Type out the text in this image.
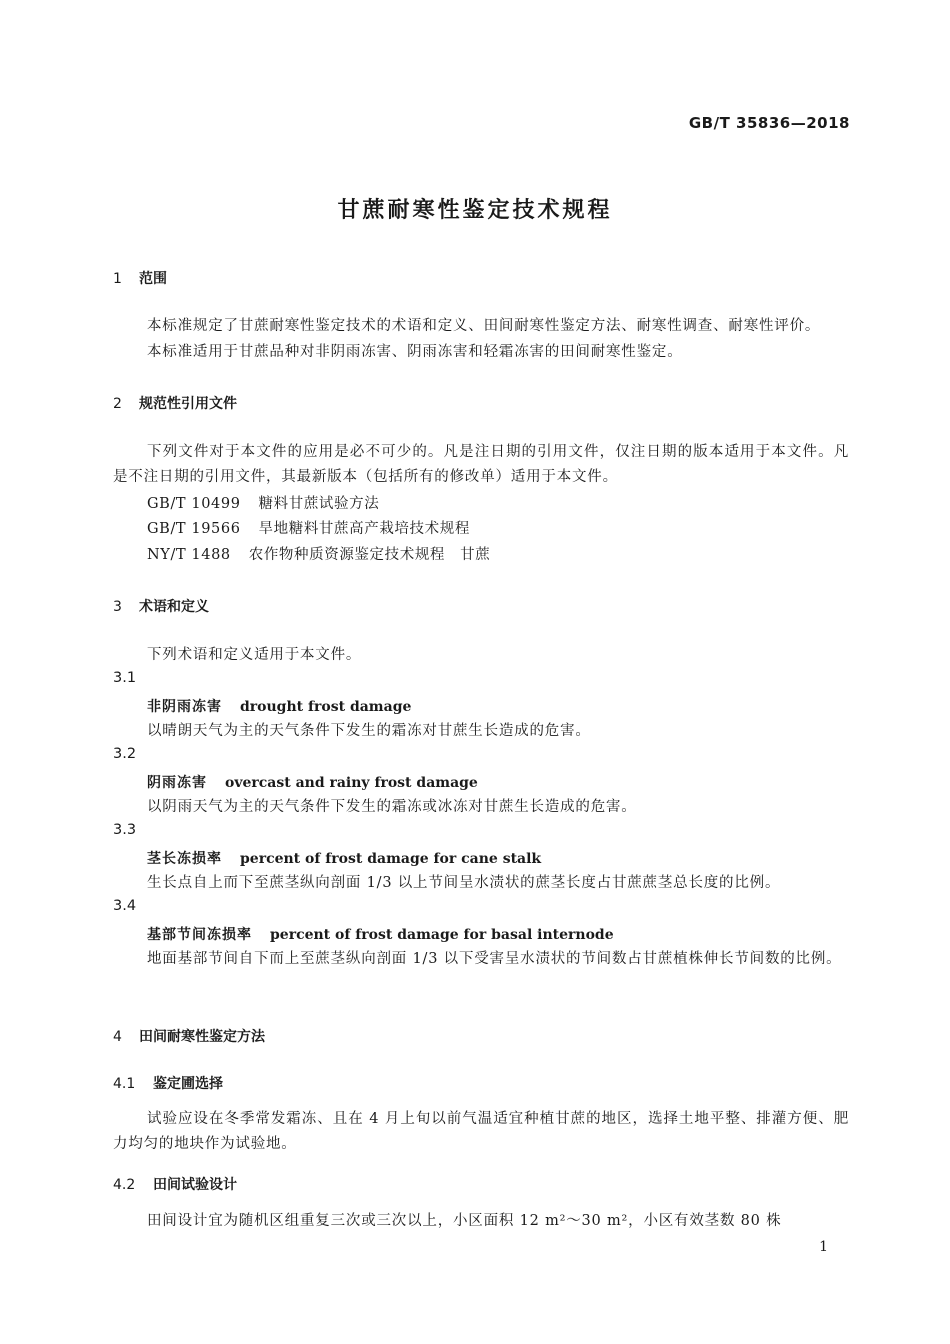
GB/T 35836—2018
甘蔗耐寒性鉴定技术规程
1 范围
本标准规定了甘蔗耐寒性鉴定技术的术语和定义、田间耐寒性鉴定方法、耐寒性调查、耐寒性评价。
本标准适用于甘蔗品种对非阴雨冻害、阴雨冻害和轻霜冻害的田间耐寒性鉴定。
2 规范性引用文件
下列文件对于本文件的应用是必不可少的。凡是注日期的引用文件，仅注日期的版本适用于本文件。凡是不注日期的引用文件，其最新版本（包括所有的修改单）适用于本文件。
GB/T 10499 糖料甘蔗试验方法
GB/T 19566 旱地糖料甘蔗高产栽培技术规程
NY/T 1488 农作物种质资源鉴定技术规程　甘蔗
3 术语和定义
下列术语和定义适用于本文件。
3.1
非阴雨冻害 drought frost damage
以晴朗天气为主的天气条件下发生的霜冻对甘蔗生长造成的危害。
3.2
阴雨冻害 overcast and rainy frost damage
以阴雨天气为主的天气条件下发生的霜冻或冰冻对甘蔗生长造成的危害。
3.3
茎长冻损率 percent of frost damage for cane stalk
生长点自上而下至蔗茎纵向剖面 1/3 以上节间呈水渍状的蔗茎长度占甘蔗蔗茎总长度的比例。
3.4
基部节间冻损率 percent of frost damage for basal internode
地面基部节间自下而上至蔗茎纵向剖面 1/3 以下受害呈水渍状的节间数占甘蔗植株伸长节间数的比例。
4 田间耐寒性鉴定方法
4.1 鉴定圃选择
试验应设在冬季常发霜冻、且在 4 月上旬以前气温适宜种植甘蔗的地区，选择土地平整、排灌方便、肥力均匀的地块作为试验地。
4.2 田间试验设计
田间设计宜为随机区组重复三次或三次以上，小区面积 12 m²～30 m²，小区有效茎数 80 株
1
